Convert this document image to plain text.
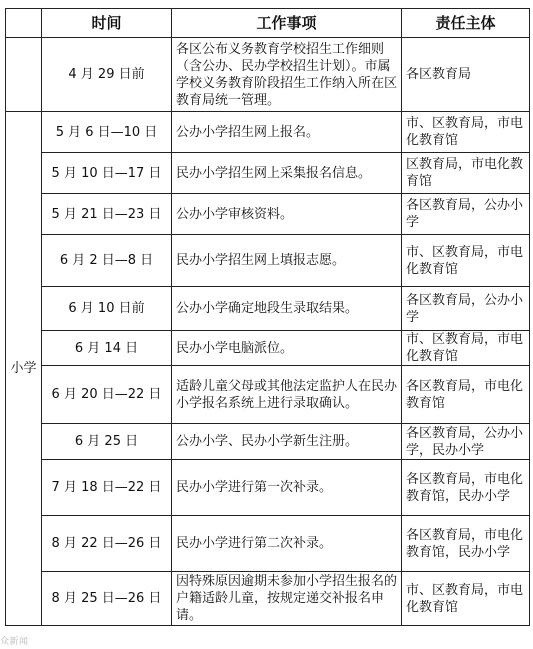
	时间	工作事项	责任主体
	4 月 29 日前	各区公布义务教育学校招生工作细则（含公办、民办学校招生计划）。市属学校义务教育阶段招生工作纳入所在区教育局统一管理。	各区教育局
小学	5 月 6 日—10 日	公办小学招生网上报名。	市、区教育局，市电化教育馆
	5 月 10 日—17 日	民办小学招生网上采集报名信息。	区教育局，市电化教育馆
	5 月 21 日—23 日	公办小学审核资料。	各区教育局，公办小学
	6 月 2 日—8 日	民办小学招生网上填报志愿。	市、区教育局，市电化教育馆
	6 月 10 日前	公办小学确定地段生录取结果。	各区教育局，公办小学
	6 月 14 日	民办小学电脑派位。	市、区教育局，市电化教育馆
	6 月 20 日—22 日	适龄儿童父母或其他法定监护人在民办小学报名系统上进行录取确认。	各区教育局，市电化教育馆
	6 月 25 日	公办小学、民办小学新生注册。	各区教育局，公办小学，民办小学
	7 月 18 日—22 日	民办小学进行第一次补录。	各区教育局，市电化教育馆，民办小学
	8 月 22 日—26 日	民办小学进行第二次补录。	各区教育局，市电化教育馆，民办小学
	8 月 25 日—26 日	因特殊原因逾期未参加小学招生报名的户籍适龄儿童，按规定递交补报名申请。	市、区教育局，市电化教育馆
众新闻
